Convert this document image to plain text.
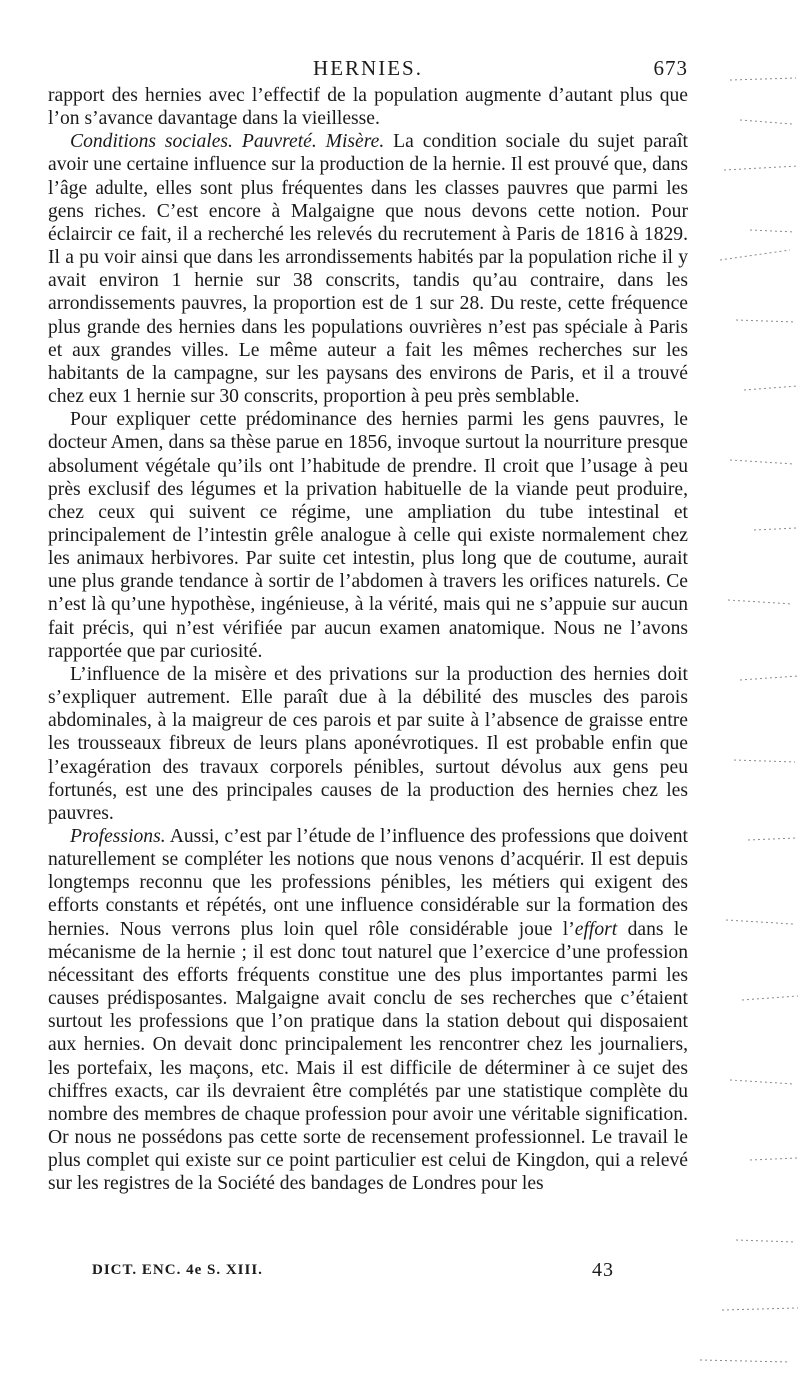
HERNIES.	673

rapport des hernies avec l’effectif de la population augmente d’autant plus que l’on s’avance davantage dans la vieillesse.

Conditions sociales. Pauvreté. Misère. La condition sociale du sujet paraît avoir une certaine influence sur la production de la hernie. Il est prouvé que, dans l’âge adulte, elles sont plus fréquentes dans les classes pauvres que parmi les gens riches. C’est encore à Malgaigne que nous devons cette notion. Pour éclaircir ce fait, il a recherché les relevés du recrutement à Paris de 1816 à 1829. Il a pu voir ainsi que dans les arrondissements habités par la population riche il y avait environ 1 hernie sur 38 conscrits, tandis qu’au contraire, dans les arrondissements pauvres, la proportion est de 1 sur 28. Du reste, cette fréquence plus grande des hernies dans les populations ouvrières n’est pas spéciale à Paris et aux grandes villes. Le même auteur a fait les mêmes recherches sur les habitants de la campagne, sur les paysans des environs de Paris, et il a trouvé chez eux 1 hernie sur 30 conscrits, proportion à peu près semblable.

Pour expliquer cette prédominance des hernies parmi les gens pauvres, le docteur Amen, dans sa thèse parue en 1856, invoque surtout la nourriture presque absolument végétale qu’ils ont l’habitude de prendre. Il croit que l’usage à peu près exclusif des légumes et la privation habituelle de la viande peut produire, chez ceux qui suivent ce régime, une ampliation du tube intestinal et principalement de l’intestin grêle analogue à celle qui existe normalement chez les animaux herbivores. Par suite cet intestin, plus long que de coutume, aurait une plus grande tendance à sortir de l’abdomen à travers les orifices naturels. Ce n’est là qu’une hypothèse, ingénieuse, à la vérité, mais qui ne s’appuie sur aucun fait précis, qui n’est vérifiée par aucun examen anatomique. Nous ne l’avons rapportée que par curiosité.

L’influence de la misère et des privations sur la production des hernies doit s’expliquer autrement. Elle paraît due à la débilité des muscles des parois abdominales, à la maigreur de ces parois et par suite à l’absence de graisse entre les trousseaux fibreux de leurs plans aponévrotiques. Il est probable enfin que l’exagération des travaux corporels pénibles, surtout dévolus aux gens peu fortunés, est une des principales causes de la production des hernies chez les pauvres.

Professions. Aussi, c’est par l’étude de l’influence des professions que doivent naturellement se compléter les notions que nous venons d’acquérir. Il est depuis longtemps reconnu que les professions pénibles, les métiers qui exigent des efforts constants et répétés, ont une influence considérable sur la formation des hernies. Nous verrons plus loin quel rôle considérable joue l’effort dans le mécanisme de la hernie ; il est donc tout naturel que l’exercice d’une profession nécessitant des efforts fréquents constitue une des plus importantes parmi les causes prédisposantes. Malgaigne avait conclu de ses recherches que c’étaient surtout les professions que l’on pratique dans la station debout qui disposaient aux hernies. On devait donc principalement les rencontrer chez les journaliers, les portefaix, les maçons, etc. Mais il est difficile de déterminer à ce sujet des chiffres exacts, car ils devraient être complétés par une statistique complète du nombre des membres de chaque profession pour avoir une véritable signification. Or nous ne possédons pas cette sorte de recensement professionnel. Le travail le plus complet qui existe sur ce point particulier est celui de Kingdon, qui a relevé sur les registres de la Société des bandages de Londres pour les

DICT. ENC. 4e S. XIII.	43
